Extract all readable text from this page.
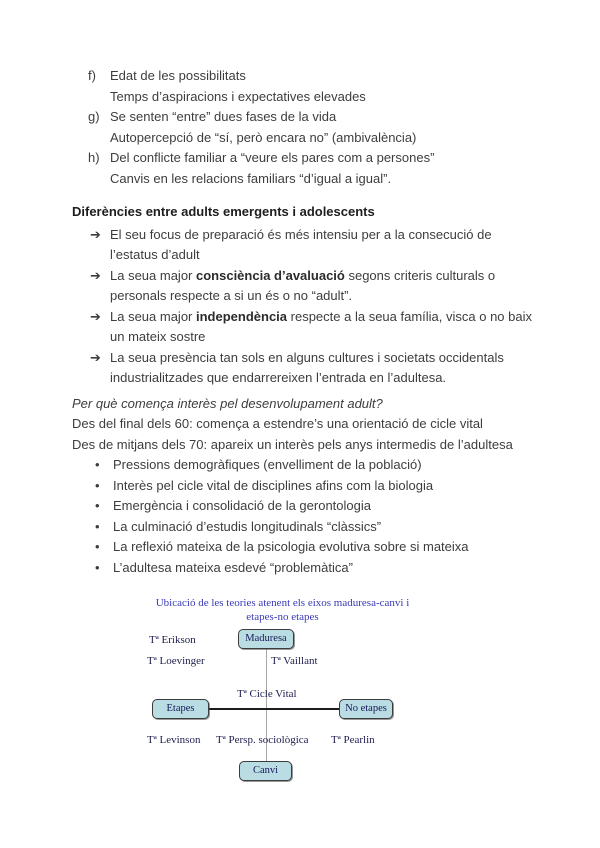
f)	Edat de les possibilitats
Temps d’aspiracions i expectatives elevades
g) Se senten “entre” dues fases de la vida
Autopercepció de “sí, però encara no” (ambivalència)
h) Del conflicte familiar a “veure els pares com a persones”
Canvis en les relacions familiars “d’igual a igual”.
Diferències entre adults emergents i adolescents
➔ El seu focus de preparació és més intensiu per a la consecució de l’estatus d’adult
➔ La seua major consciència d’avaluació segons criteris culturals o personals respecte a si un és o no “adult”.
➔ La seua major independència respecte a la seua família, visca o no baix un mateix sostre
➔ La seua presència tan sols en alguns cultures i societats occidentals industrialitzades que endarrereixen l’entrada en l’adultesa.
Per què comença interès pel desenvolupament adult?
Des del final dels 60: comença a estendre’s una orientació de cicle vital
Des de mitjans dels 70: apareix un interès pels anys intermedis de l’adultesa
•	Pressions demogràfiques (envelliment de la població)
•	Interès pel cicle vital de disciplines afins com la biologia
•	Emergència i consolidació de la gerontologia
•	La culminació d’estudis longitudinals “clàssics”
•	La reflexió mateixa de la psicologia evolutiva sobre si mateixa
•	L’adultesa mateixa esdevé “problemàtica”
Ubicació de les teories atenent els eixos maduresa-canvi i
etapes-no etapes
Maduresa
Etapes	No etapes
Canvi
Tª Erikson
Tª Loevinger	Tª Vaillant
Tª Cicle Vital
Tª Levinson Tª Persp. sociològica Tª Pearlin
